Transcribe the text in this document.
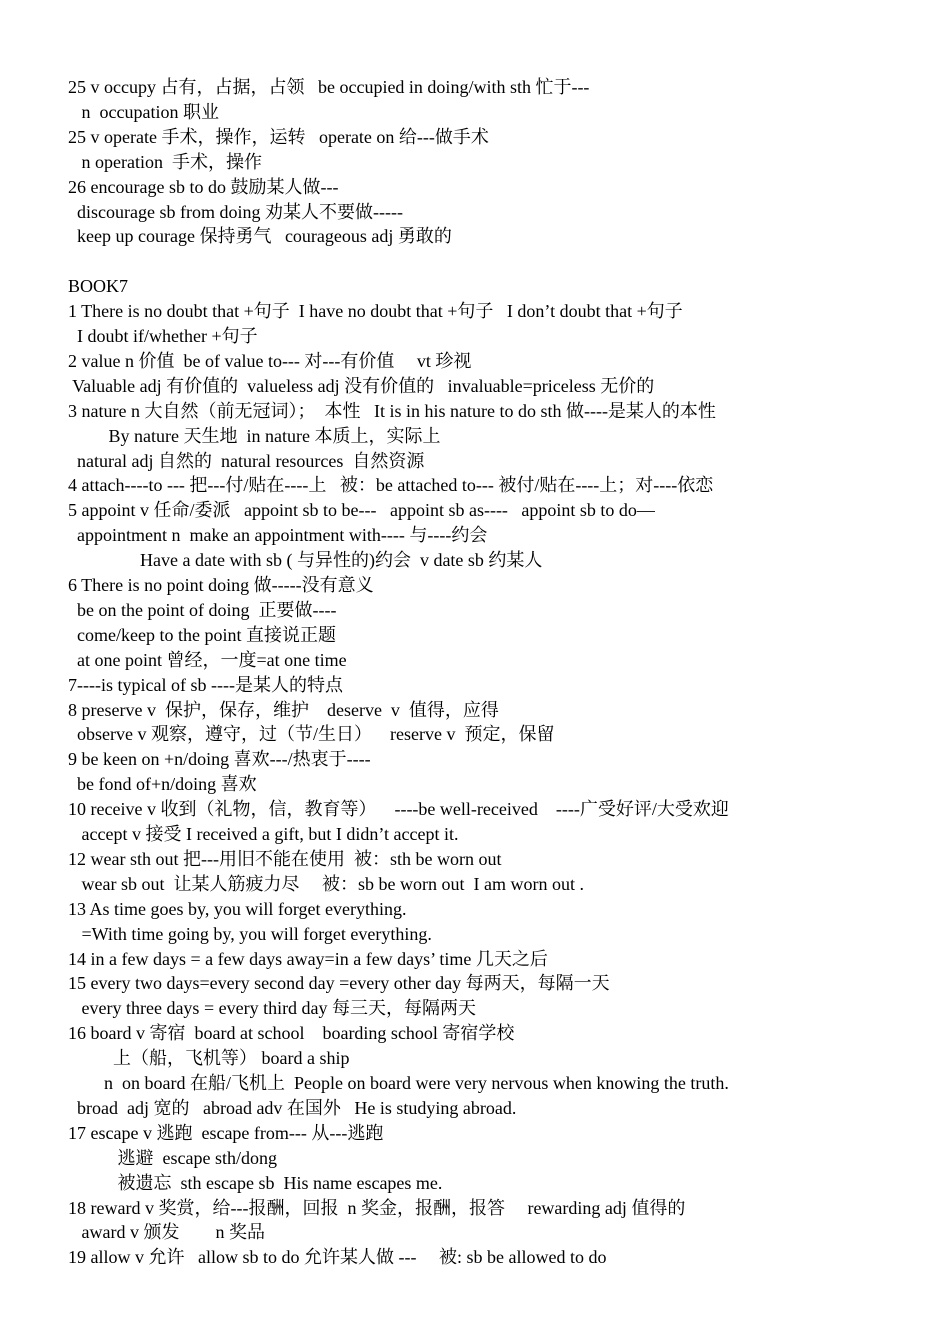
25 v occupy 占有，占据，占领   be occupied in doing/with sth 忙于---
n  occupation 职业
25 v operate 手术，操作，运转   operate on 给---做手术
n operation  手术，操作
26 encourage sb to do 鼓励某人做---
discourage sb from doing 劝某人不要做-----
keep up courage 保持勇气   courageous adj 勇敢的
BOOK7
1 There is no doubt that +句子  I have no doubt that +句子   I don’t doubt that +句子
I doubt if/whether +句子
2 value n 价值  be of value to--- 对---有价值     vt 珍视
Valuable adj 有价值的  valueless adj 没有价值的   invaluable=priceless 无价的
3 nature n 大自然（前无冠词）；  本性   It is in his nature to do sth 做----是某人的本性
By nature 天生地  in nature 本质上，实际上
natural adj 自然的  natural resources  自然资源
4 attach----to --- 把---付/贴在----上   被：be attached to--- 被付/贴在----上；对----依恋
5 appoint v 任命/委派   appoint sb to be---   appoint sb as----   appoint sb to do—
appointment n  make an appointment with---- 与----约会
Have a date with sb ( 与异性的)约会  v date sb 约某人
6 There is no point doing 做-----没有意义
be on the point of doing  正要做----
come/keep to the point 直接说正题
at one point 曾经，一度=at one time
7----is typical of sb ----是某人的特点
8 preserve v  保护，保存，维护    deserve  v  值得，应得
observe v 观察，遵守，过（节/生日）    reserve v  预定，保留
9 be keen on +n/doing 喜欢---/热衷于----
be fond of+n/doing 喜欢
10 receive v 收到（礼物，信，教育等）    ----be well-received    ----广受好评/大受欢迎
accept v 接受 I received a gift, but I didn’t accept it.
12 wear sth out 把---用旧不能在使用  被：sth be worn out
wear sb out  让某人筋疲力尽     被：sb be worn out  I am worn out .
13 As time goes by, you will forget everything.
=With time going by, you will forget everything.
14 in a few days = a few days away=in a few days’ time 几天之后
15 every two days=every second day =every other day 每两天，每隔一天
every three days = every third day 每三天，每隔两天
16 board v 寄宿  board at school    boarding school 寄宿学校
上（船，飞机等） board a ship
n  on board 在船/飞机上  People on board were very nervous when knowing the truth.
broad  adj 宽的   abroad adv 在国外   He is studying abroad.
17 escape v 逃跑  escape from--- 从---逃跑
逃避  escape sth/dong
被遗忘  sth escape sb  His name escapes me.
18 reward v 奖赏，给---报酬，回报  n 奖金，报酬，报答     rewarding adj 值得的
award v 颁发        n 奖品
19 allow v 允许   allow sb to do 允许某人做 ---     被: sb be allowed to do
